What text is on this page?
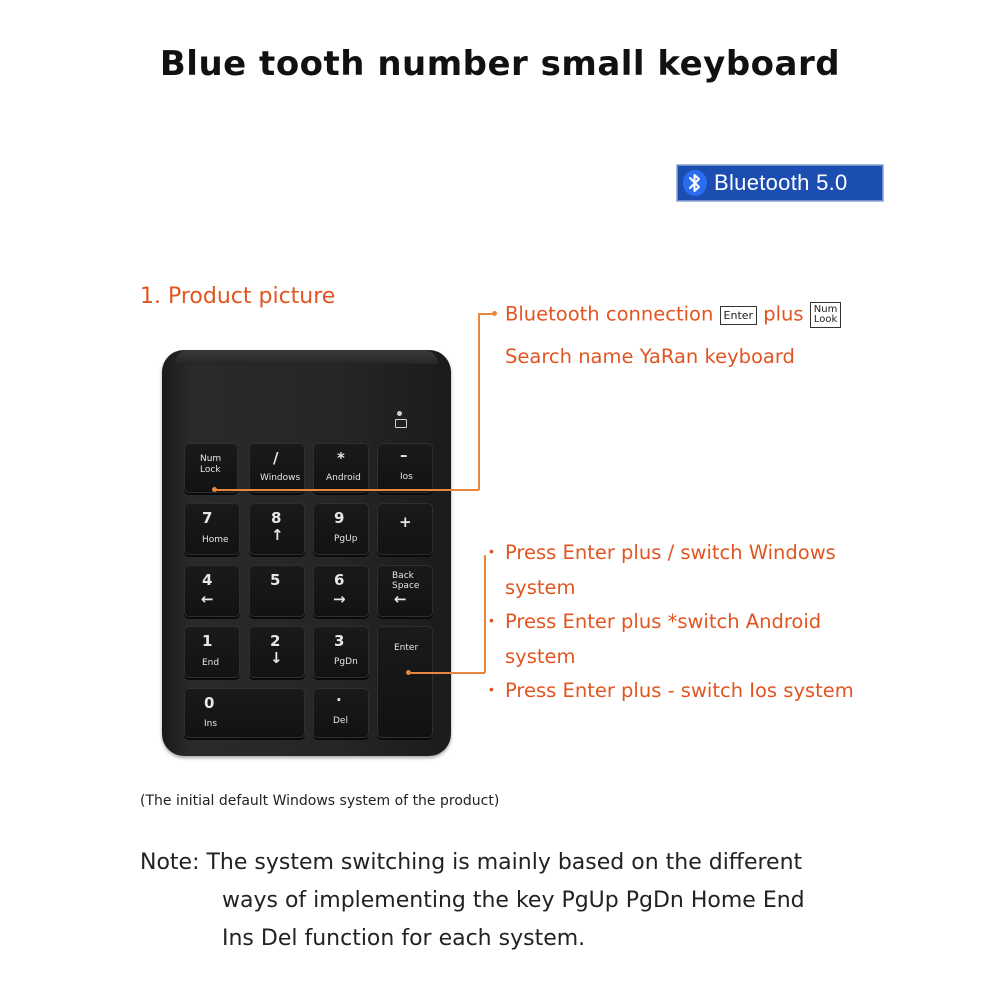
Blue tooth number small keyboard
Bluetooth 5.0
1. Product picture
Bluetooth connection Enter plus Num
Look
Search name YaRan keyboard
• Press Enter plus / switch Windows
system
• Press Enter plus *switch Android
system
• Press Enter plus - switch Ios system
Num
Lock
/
Windows
*
Android
–
Ios
7
Home
8
↑
9
PgUp
+
4
←
5	6
→
Back
Space
←
1
End
2
↓
3
PgDn
Enter
0
Ins
.
Del
(The initial default Windows system of the product)
Note: The system switching is mainly based on the different
ways of implementing the key PgUp PgDn Home End
Ins Del function for each system.
